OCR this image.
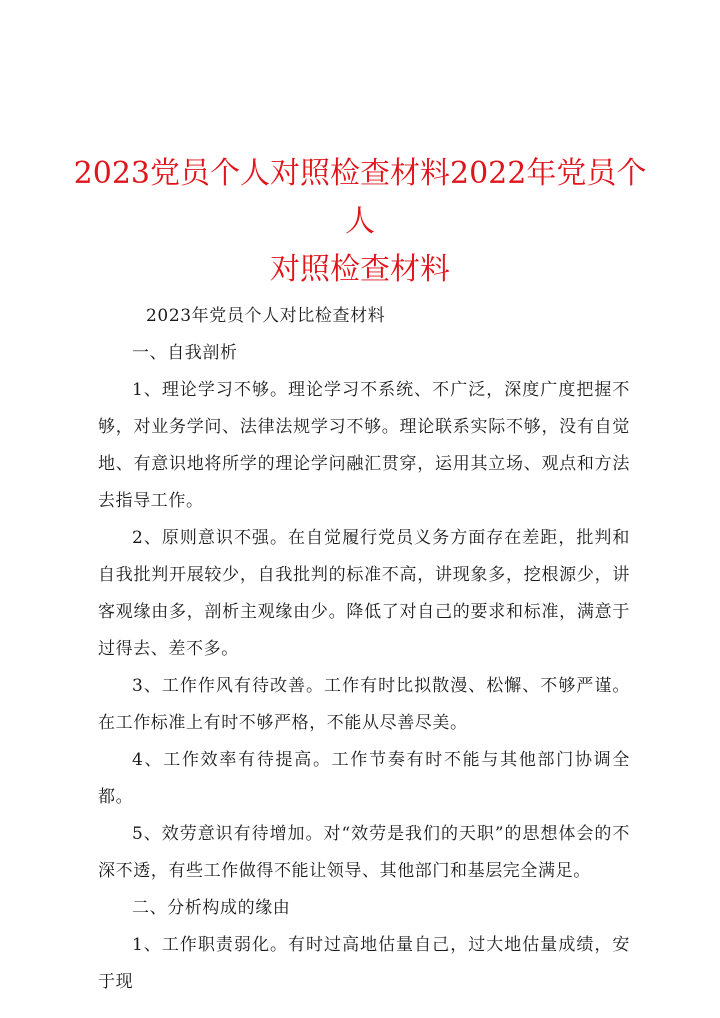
2023党员个人对照检查材料2022年党员个人
对照检查材料

2023年党员个人对比检查材料

一、自我剖析

1、理论学习不够。理论学习不系统、不广泛，深度广度把握不够，对业务学问、法律法规学习不够。理论联系实际不够，没有自觉地、有意识地将所学的理论学问融汇贯穿，运用其立场、观点和方法去指导工作。

2、原则意识不强。在自觉履行党员义务方面存在差距，批判和自我批判开展较少，自我批判的标准不高，讲现象多，挖根源少，讲客观缘由多，剖析主观缘由少。降低了对自己的要求和标准，满意于过得去、差不多。

3、工作作风有待改善。工作有时比拟散漫、松懈、不够严谨。在工作标准上有时不够严格，不能从尽善尽美。

4、工作效率有待提高。工作节奏有时不能与其他部门协调全都。

5、效劳意识有待增加。对“效劳是我们的天职”的思想体会的不深不透，有些工作做得不能让领导、其他部门和基层完全满足。

二、分析构成的缘由

1、工作职责弱化。有时过高地估量自己，过大地估量成绩，安于现
